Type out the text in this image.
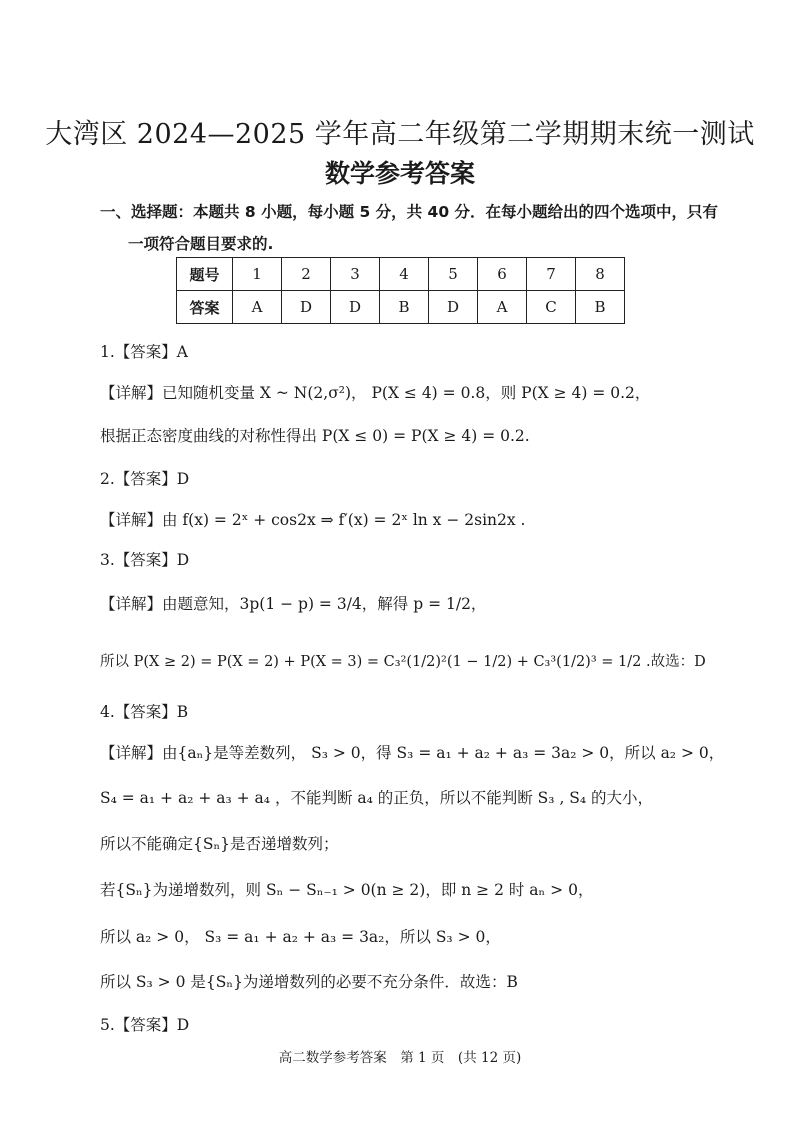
大湾区 2024—2025 学年高二年级第二学期期末统一测试
数学参考答案
一、选择题：本题共 8 小题，每小题 5 分，共 40 分．在每小题给出的四个选项中，只有
一项符合题目要求的.
题号	1	2	3	4	5	6	7	8
答案	A	D	D	B	D	A	C	B
1.【答案】A
【详解】已知随机变量 X ~ N(2,σ²)， P(X ≤ 4) = 0.8，则 P(X ≥ 4) = 0.2，
根据正态密度曲线的对称性得出 P(X ≤ 0) = P(X ≥ 4) = 0.2.
2.【答案】D
【详解】由 f(x) = 2ˣ + cos2x ⇒ f′(x) = 2ˣ ln x − 2sin2x .
3.【答案】D
【详解】由题意知，3p(1 − p) = 3/4，解得 p = 1/2，
所以 P(X ≥ 2) = P(X = 2) + P(X = 3) = C₃²(1/2)²(1 − 1/2) + C₃³(1/2)³ = 1/2 .故选：D
4.【答案】B
【详解】由{aₙ}是等差数列， S₃ > 0，得 S₃ = a₁ + a₂ + a₃ = 3a₂ > 0，所以 a₂ > 0，
S₄ = a₁ + a₂ + a₃ + a₄ ，不能判断 a₄ 的正负，所以不能判断 S₃ , S₄ 的大小，
所以不能确定{Sₙ}是否递增数列；
若{Sₙ}为递增数列，则 Sₙ − Sₙ₋₁ > 0(n ≥ 2)，即 n ≥ 2 时 aₙ > 0，
所以 a₂ > 0， S₃ = a₁ + a₂ + a₃ = 3a₂，所以 S₃ > 0，
所以 S₃ > 0 是{Sₙ}为递增数列的必要不充分条件．故选：B
5.【答案】D
高二数学参考答案　第 1 页　(共 12 页)
